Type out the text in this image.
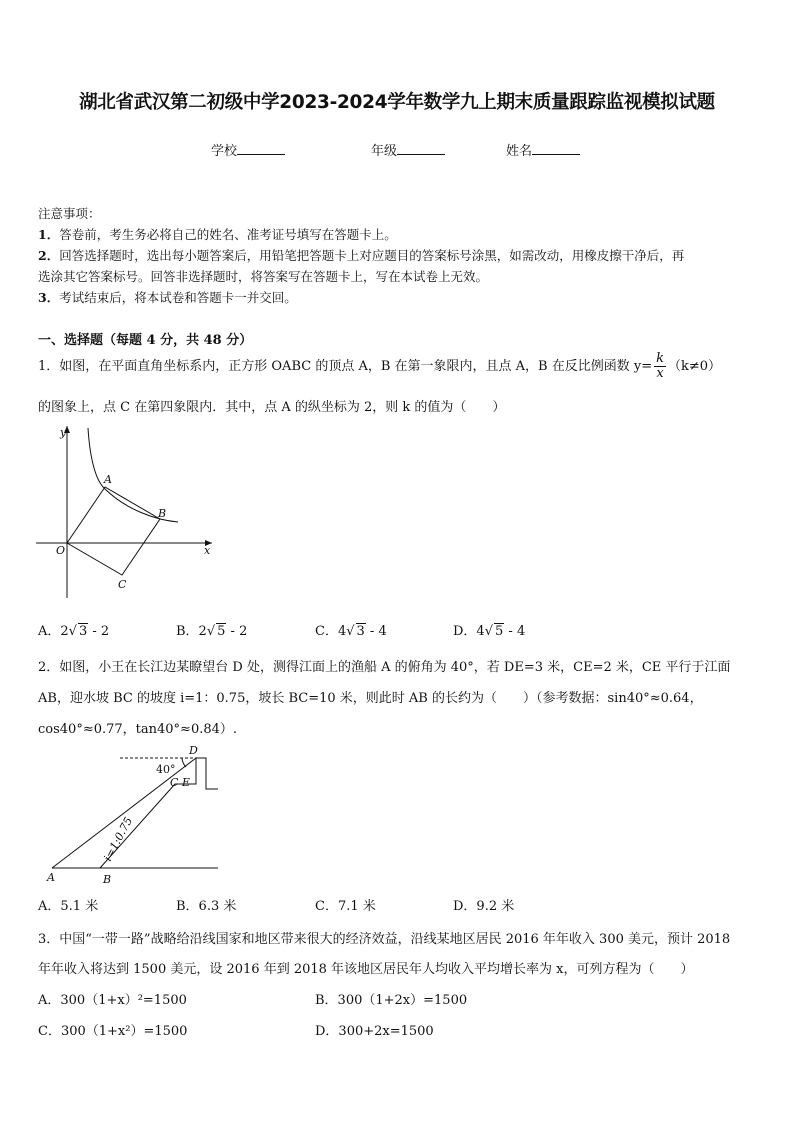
湖北省武汉第二初级中学2023-2024学年数学九上期末质量跟踪监视模拟试题
学校	年级	姓名
注意事项：
1．答卷前，考生务必将自己的姓名、准考证号填写在答题卡上。
2．回答选择题时，选出每小题答案后，用铅笔把答题卡上对应题目的答案标号涂黑，如需改动，用橡皮擦干净后，再
选涂其它答案标号。回答非选择题时，将答案写在答题卡上，写在本试卷上无效。
3．考试结束后，将本试卷和答题卡一并交回。
一、选择题（每题 4 分，共 48 分）
1．如图，在平面直角坐标系内，正方形 OABC 的顶点 A，B 在第一象限内，且点 A，B 在反比例函数 $y= \frac{k}{x} (k\ne 0)$
的图象上，点 C 在第四象限内．其中，点 A 的纵坐标为 2，则 k 的值为（　　）
y
x
O
A
B
C
A．2√ 3 - 2	B．2√ 5 - 2	C．4√ 3 - 4	D．4√ 5 - 4
2．如图，小王在长江边某瞭望台 D 处，测得江面上的渔船 A 的俯角为 40°，若 DE=3 米，CE=2 米，CE 平行于江面
AB，迎水坡 BC 的坡度 i=1：0.75，坡长 BC=10 米，则此时 AB 的长约为（　　）（参考数据：sin40°≈0.64，
cos40°≈0.77，tan40°≈0.84）.
D
40°
C E
i=1:0.75
A	B
A．5.1 米	B．6.3 米	C．7.1 米	D．9.2 米
3．中国“一带一路”战略给沿线国家和地区带来很大的经济效益，沿线某地区居民 2016 年年收入 300 美元，预计 2018
年年收入将达到 1500 美元，设 2016 年到 2018 年该地区居民年人均收入平均增长率为 x，可列方程为（　　）
A．300（1+x）²=1500	B．300（1+2x）=1500
C．300（1+x²）=1500	D．300+2x=1500
